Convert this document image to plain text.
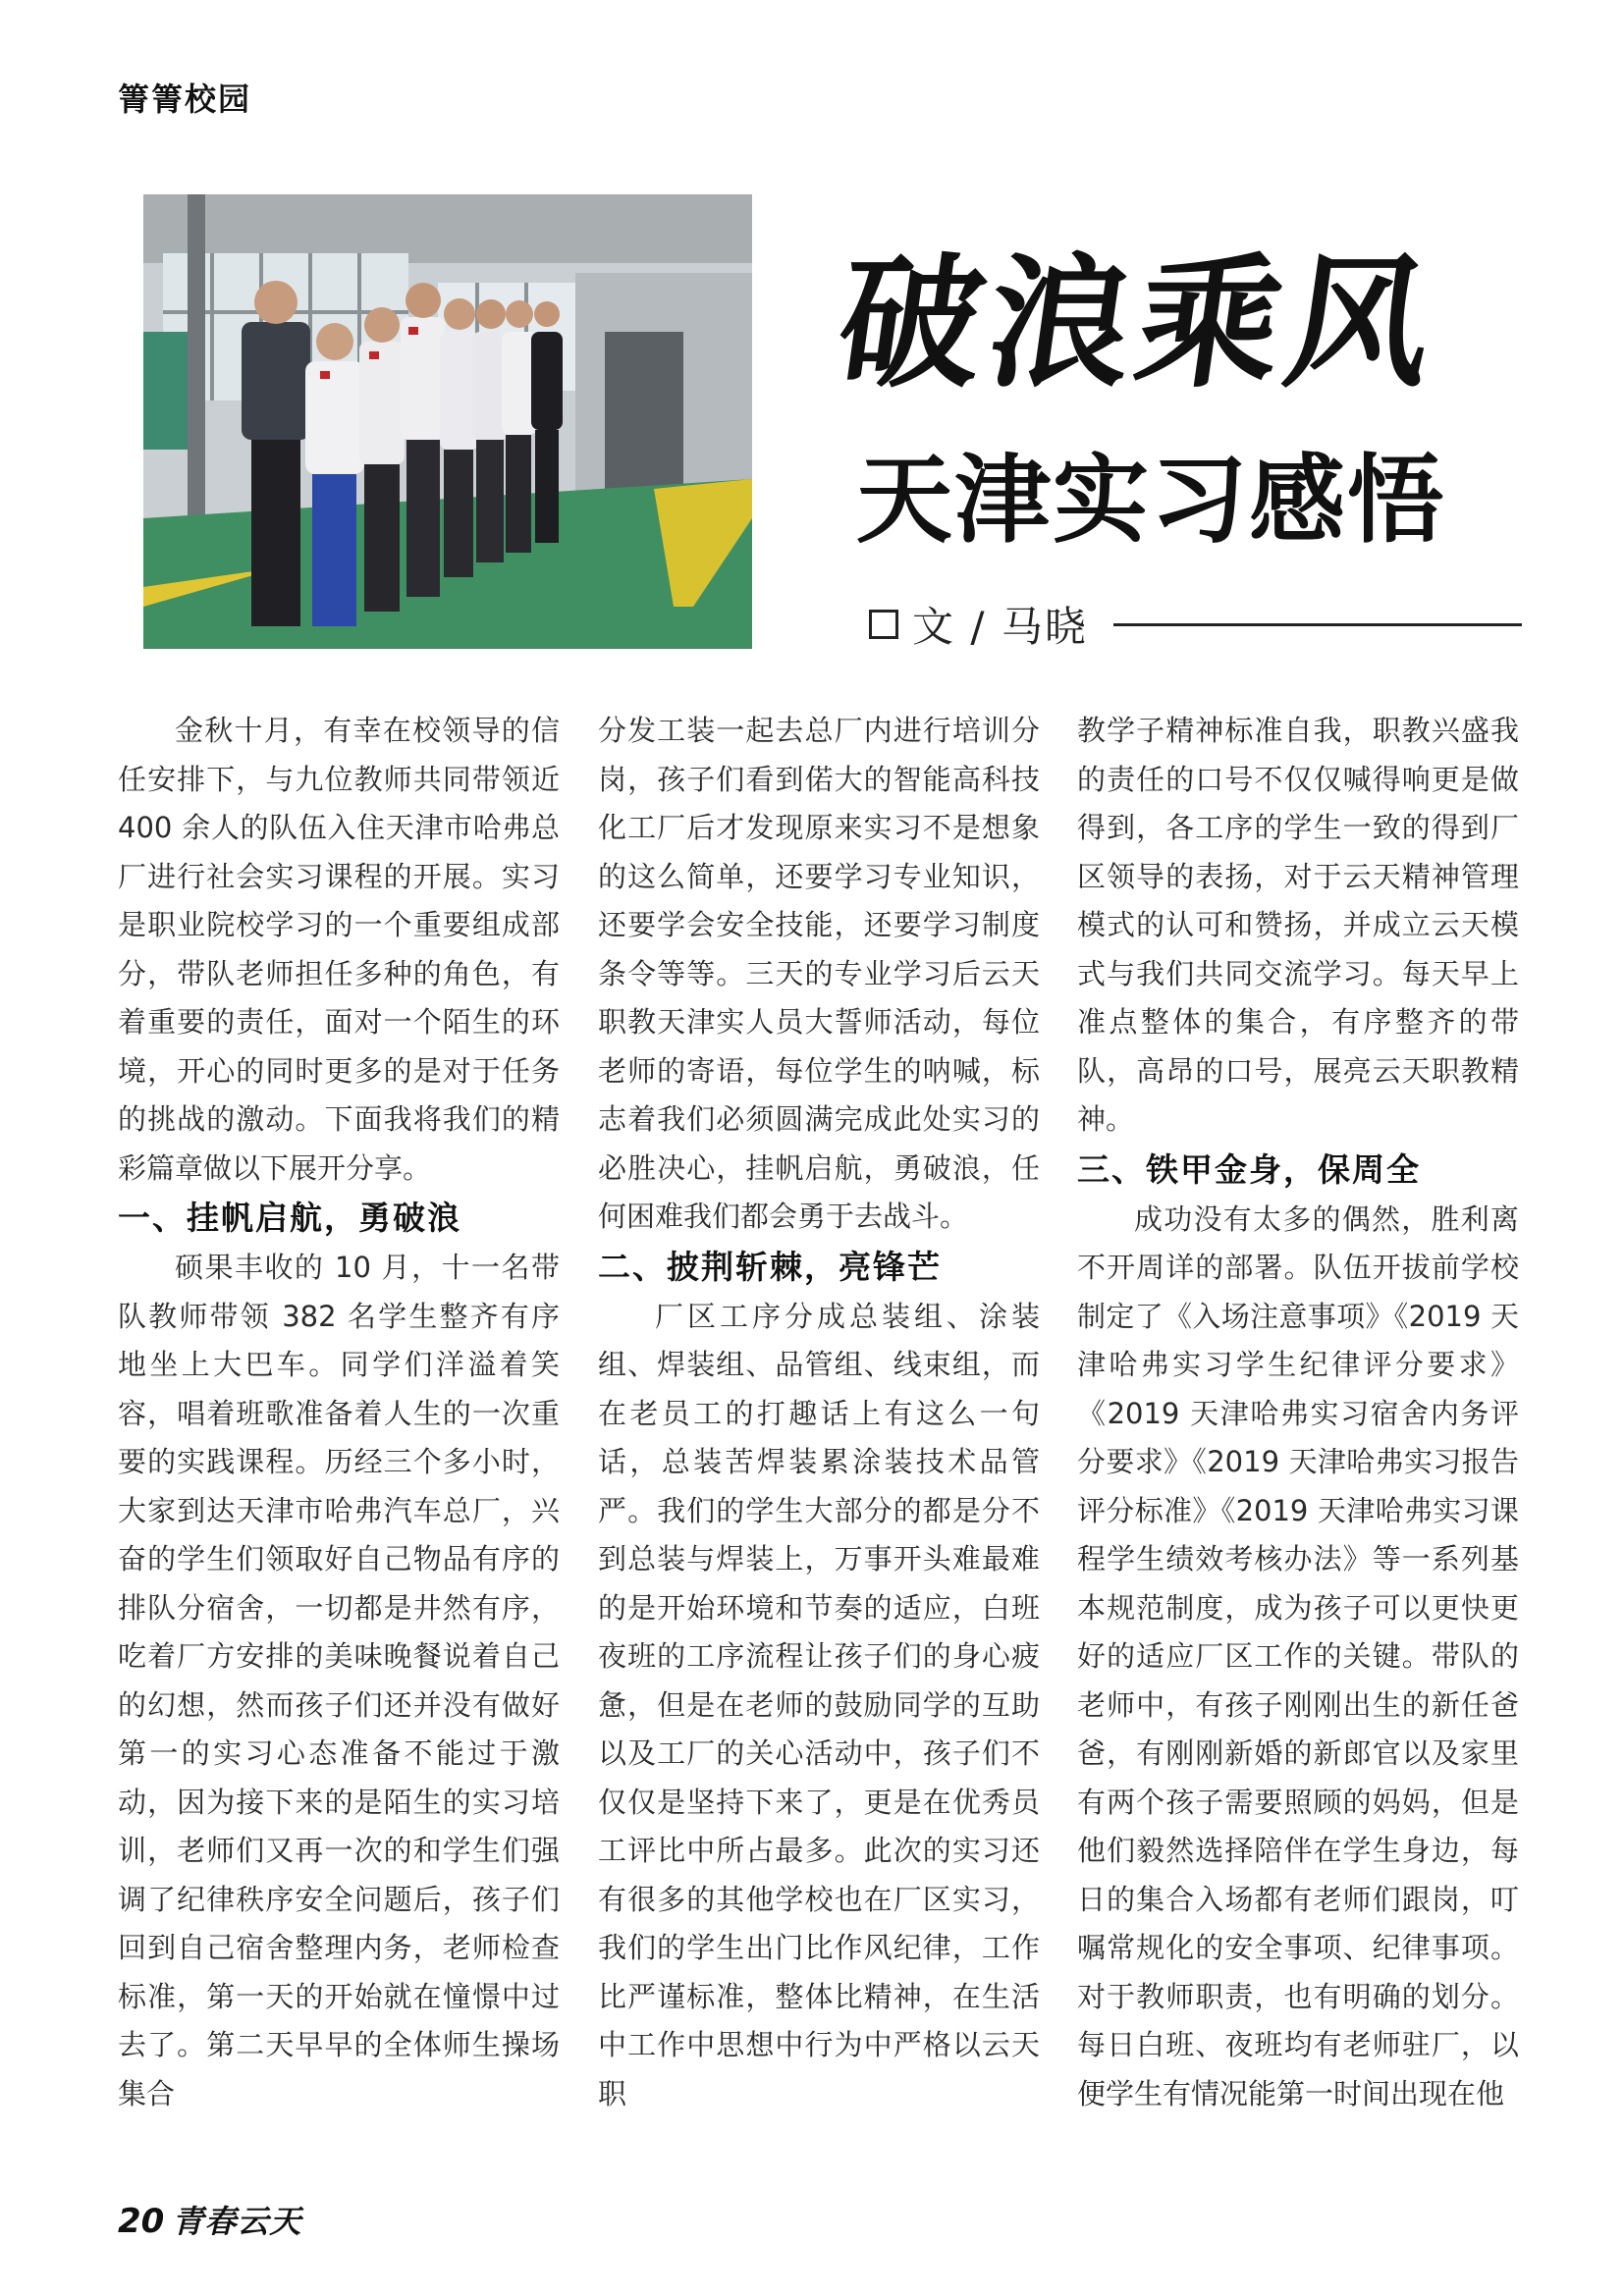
箐箐校园
破浪乘风
天津实习感悟
文 / 马晓

金秋十月，有幸在校领导的信任安排下，与九位教师共同带领近 400 余人的队伍入住天津市哈弗总厂进行社会实习课程的开展。实习是职业院校学习的一个重要组成部分，带队老师担任多种的角色，有着重要的责任，面对一个陌生的环境，开心的同时更多的是对于任务的挑战的激动。下面我将我们的精彩篇章做以下展开分享。

一、挂帆启航，勇破浪

硕果丰收的 10 月，十一名带队教师带领 382 名学生整齐有序地坐上大巴车。同学们洋溢着笑容，唱着班歌准备着人生的一次重要的实践课程。历经三个多小时，大家到达天津市哈弗汽车总厂，兴奋的学生们领取好自己物品有序的排队分宿舍，一切都是井然有序，吃着厂方安排的美味晚餐说着自己的幻想，然而孩子们还并没有做好第一的实习心态准备不能过于激动，因为接下来的是陌生的实习培训，老师们又再一次的和学生们强调了纪律秩序安全问题后，孩子们回到自己宿舍整理内务，老师检查标准，第一天的开始就在憧憬中过去了。第二天早早的全体师生操场集合

分发工装一起去总厂内进行培训分岗，孩子们看到偌大的智能高科技化工厂后才发现原来实习不是想象的这么简单，还要学习专业知识，还要学会安全技能，还要学习制度条令等等。三天的专业学习后云天职教天津实人员大誓师活动，每位老师的寄语，每位学生的呐喊，标志着我们必须圆满完成此处实习的必胜决心，挂帆启航，勇破浪，任何困难我们都会勇于去战斗。

二、披荆斩棘，亮锋芒

厂区工序分成总装组、涂装组、焊装组、品管组、线束组，而在老员工的打趣话上有这么一句话，总装苦焊装累涂装技术品管严。我们的学生大部分的都是分不到总装与焊装上，万事开头难最难的是开始环境和节奏的适应，白班夜班的工序流程让孩子们的身心疲惫，但是在老师的鼓励同学的互助以及工厂的关心活动中，孩子们不仅仅是坚持下来了，更是在优秀员工评比中所占最多。此次的实习还有很多的其他学校也在厂区实习，我们的学生出门比作风纪律，工作比严谨标准，整体比精神，在生活中工作中思想中行为中严格以云天职

教学子精神标准自我，职教兴盛我的责任的口号不仅仅喊得响更是做得到，各工序的学生一致的得到厂区领导的表扬，对于云天精神管理模式的认可和赞扬，并成立云天模式与我们共同交流学习。每天早上准点整体的集合，有序整齐的带队，高昂的口号，展亮云天职教精神。

三、铁甲金身，保周全

成功没有太多的偶然，胜利离不开周详的部署。队伍开拔前学校制定了《入场注意事项》《2019 天津哈弗实习学生纪律评分要求》《2019 天津哈弗实习宿舍内务评分要求》《2019 天津哈弗实习报告评分标准》《2019 天津哈弗实习课程学生绩效考核办法》等一系列基本规范制度，成为孩子可以更快更好的适应厂区工作的关键。带队的老师中，有孩子刚刚出生的新任爸爸，有刚刚新婚的新郎官以及家里有两个孩子需要照顾的妈妈，但是他们毅然选择陪伴在学生身边，每日的集合入场都有老师们跟岗，叮嘱常规化的安全事项、纪律事项。对于教师职责，也有明确的划分。每日白班、夜班均有老师驻厂，以便学生有情况能第一时间出现在他

20 青春云天
